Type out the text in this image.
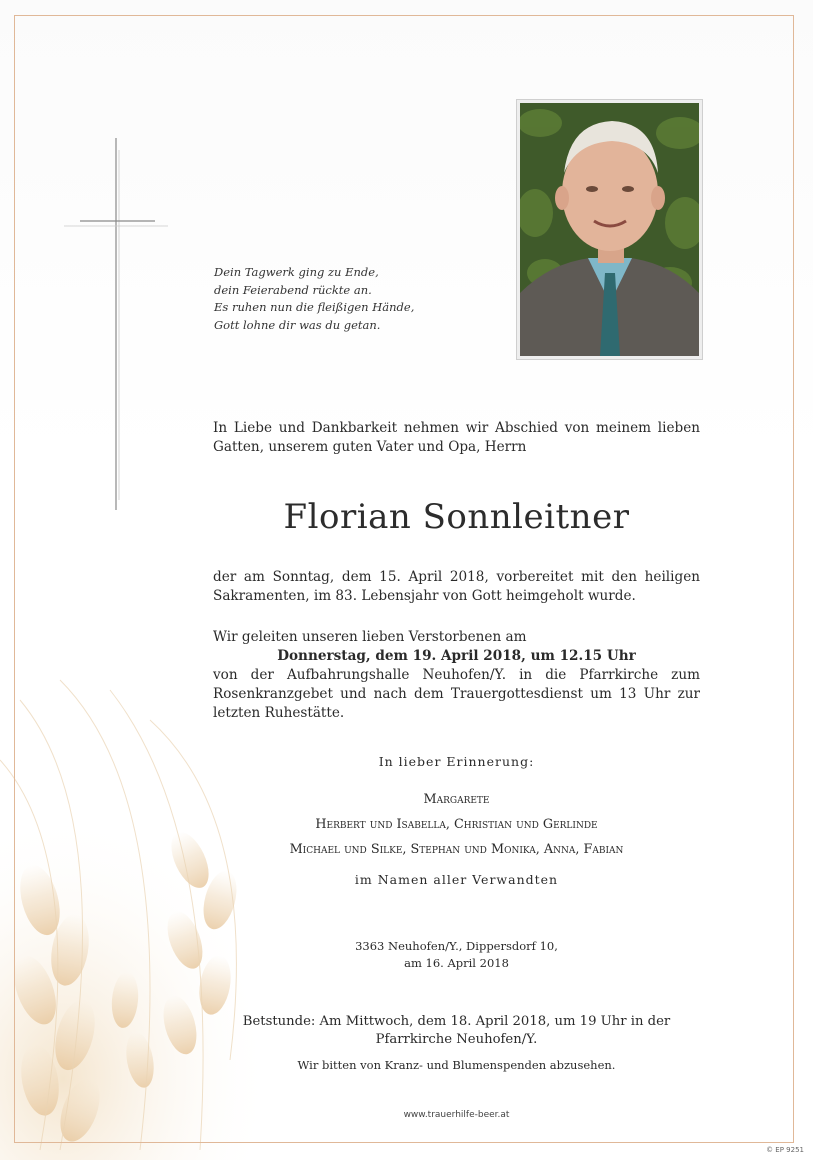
Dein Tagwerk ging zu Ende,
dein Feierabend rückte an.
Es ruhen nun die fleißigen Hände,
Gott lohne dir was du getan.
In Liebe und Dankbarkeit nehmen wir Abschied von meinem lieben Gatten, unserem guten Vater und Opa, Herrn
Florian Sonnleitner
der am Sonntag, dem 15. April 2018, vorbereitet mit den heiligen Sakramenten, im 83. Lebensjahr von Gott heimgeholt wurde.
Wir geleiten unseren lieben Verstorbenen am
Donnerstag, dem 19. April 2018, um 12.15 Uhr
von der Aufbahrungshalle Neuhofen/Y. in die Pfarrkirche zum Rosenkranzgebet und nach dem Trauergottesdienst um 13 Uhr zur letzten Ruhestätte.
In lieber Erinnerung:
Margarete
Herbert und Isabella, Christian und Gerlinde
Michael und Silke, Stephan und Monika, Anna, Fabian
im Namen aller Verwandten
3363 Neuhofen/Y., Dippersdorf 10,
am 16. April 2018
Betstunde: Am Mittwoch, dem 18. April 2018, um 19 Uhr in der
Pfarrkirche Neuhofen/Y.
Wir bitten von Kranz- und Blumenspenden abzusehen.
www.trauerhilfe-beer.at
© EP 9251
